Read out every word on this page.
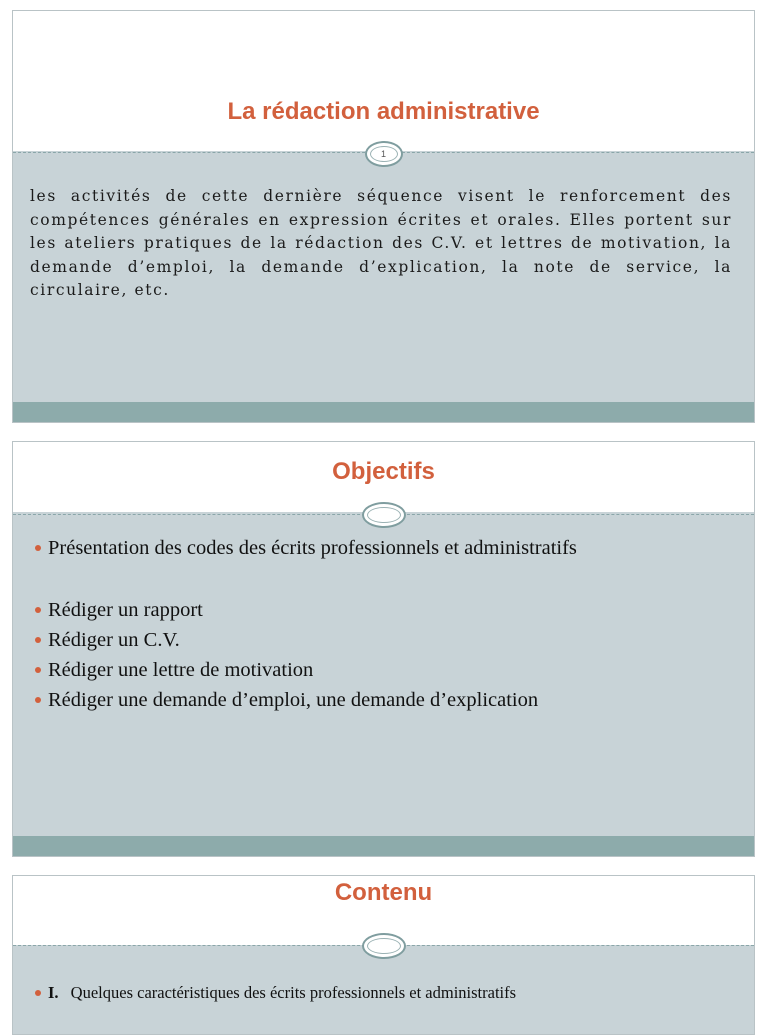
La rédaction administrative
1
les activités de cette dernière séquence visent le renforcement des compétences générales en expression écrites et orales. Elles portent sur les ateliers pratiques de la rédaction des C.V. et lettres de motivation, la demande d’emploi, la demande d’explication, la note de service, la circulaire, etc.
Objectifs
Présentation des codes des écrits professionnels et administratifs
Rédiger un rapport
Rédiger un C.V.
Rédiger une lettre de motivation
Rédiger une demande d’emploi, une demande d’explication
Contenu
I. Quelques caractéristiques des écrits professionnels et administratifs
